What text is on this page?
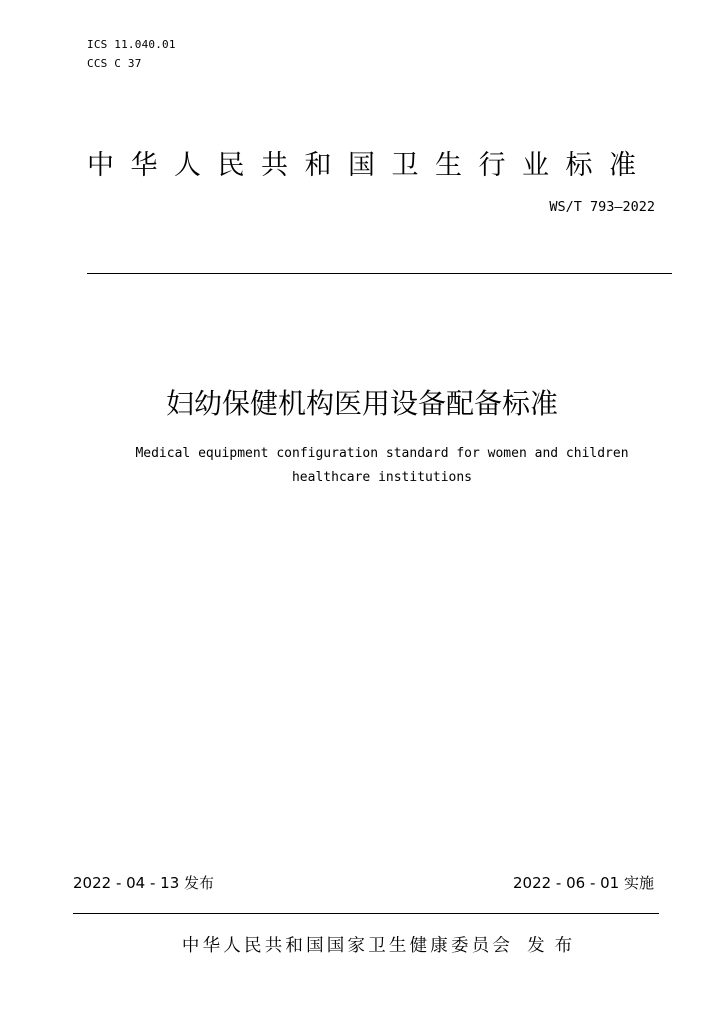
ICS 11.040.01
CCS C 37
中华人民共和国卫生行业标准
WS/T 793—2022
妇幼保健机构医用设备配备标准
Medical equipment configuration standard for women and children
healthcare institutions
2022 - 04 - 13 发布	2022 - 06 - 01 实施
中华人民共和国国家卫生健康委员会 发布
